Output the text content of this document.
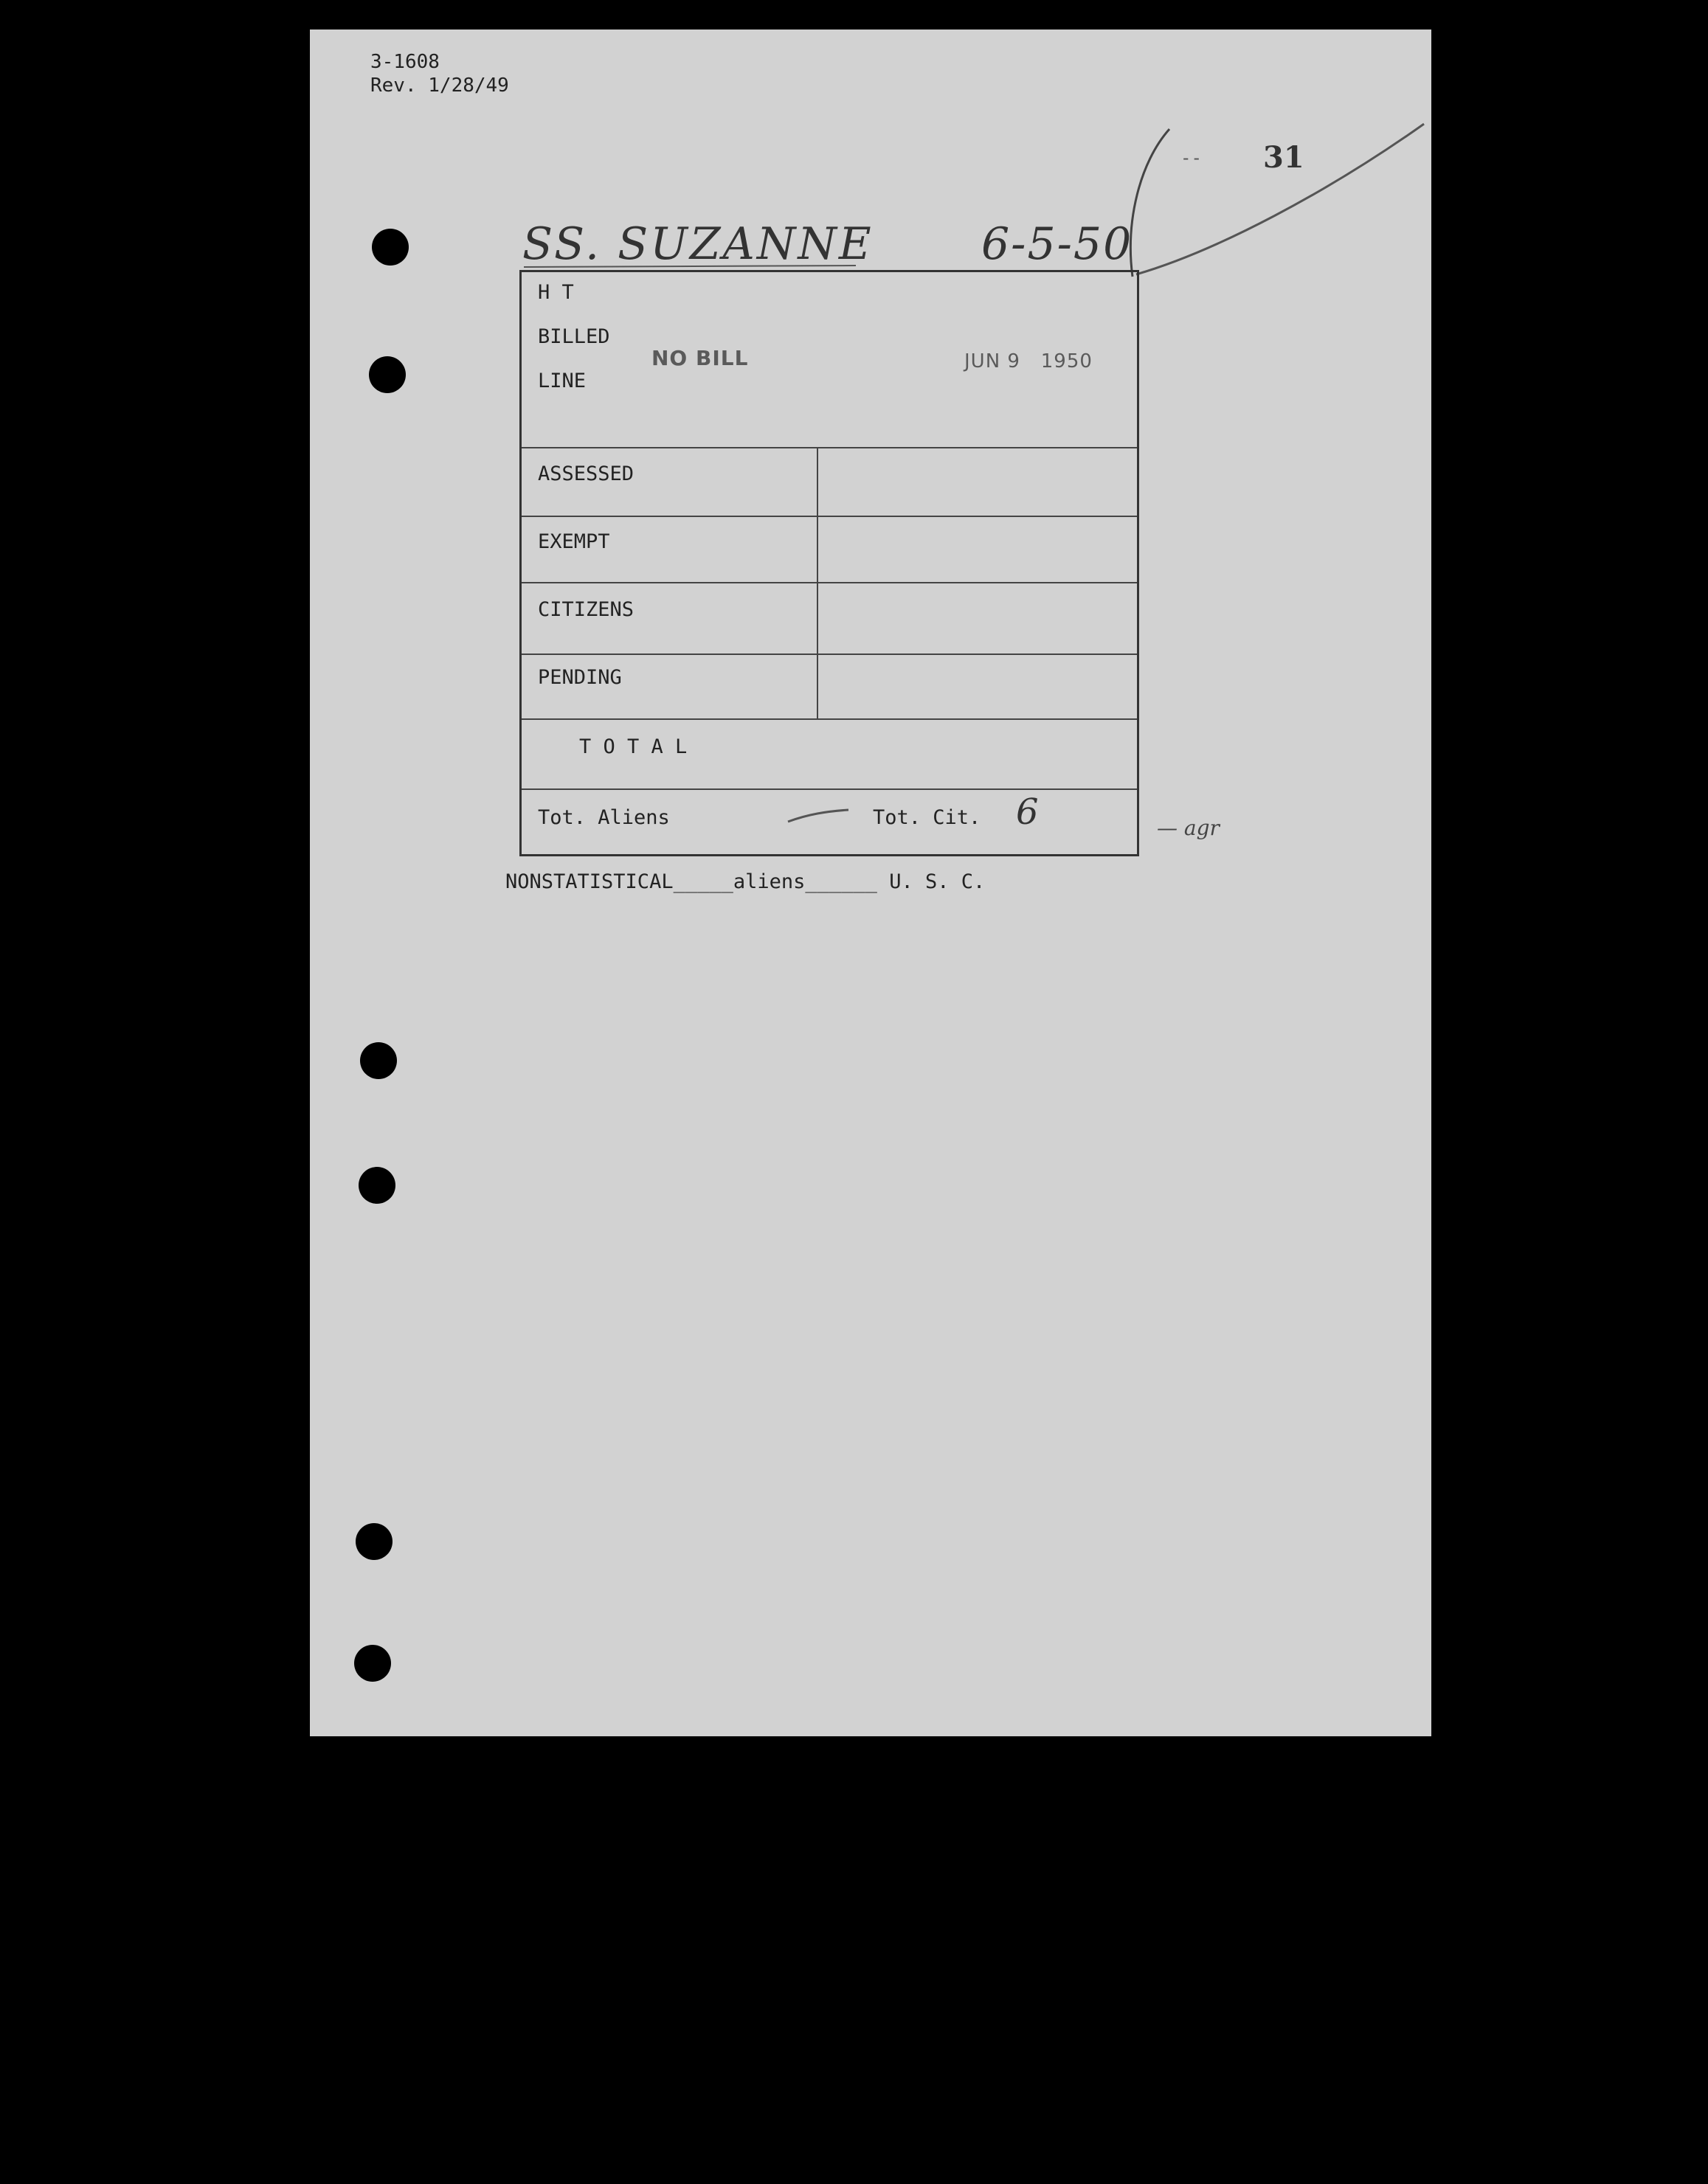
3-1608
Rev. 1/28/49
-- 31
SS. SUZANNE 6-5-50
H T
BILLED
LINE
NO BILL	JUN 9   1950
ASSESSED
EXEMPT
CITIZENS
PENDING
T O T A L
Tot. Aliens	Tot. Cit. 6	— agr
NONSTATISTICAL_____aliens______ U. S. C.
